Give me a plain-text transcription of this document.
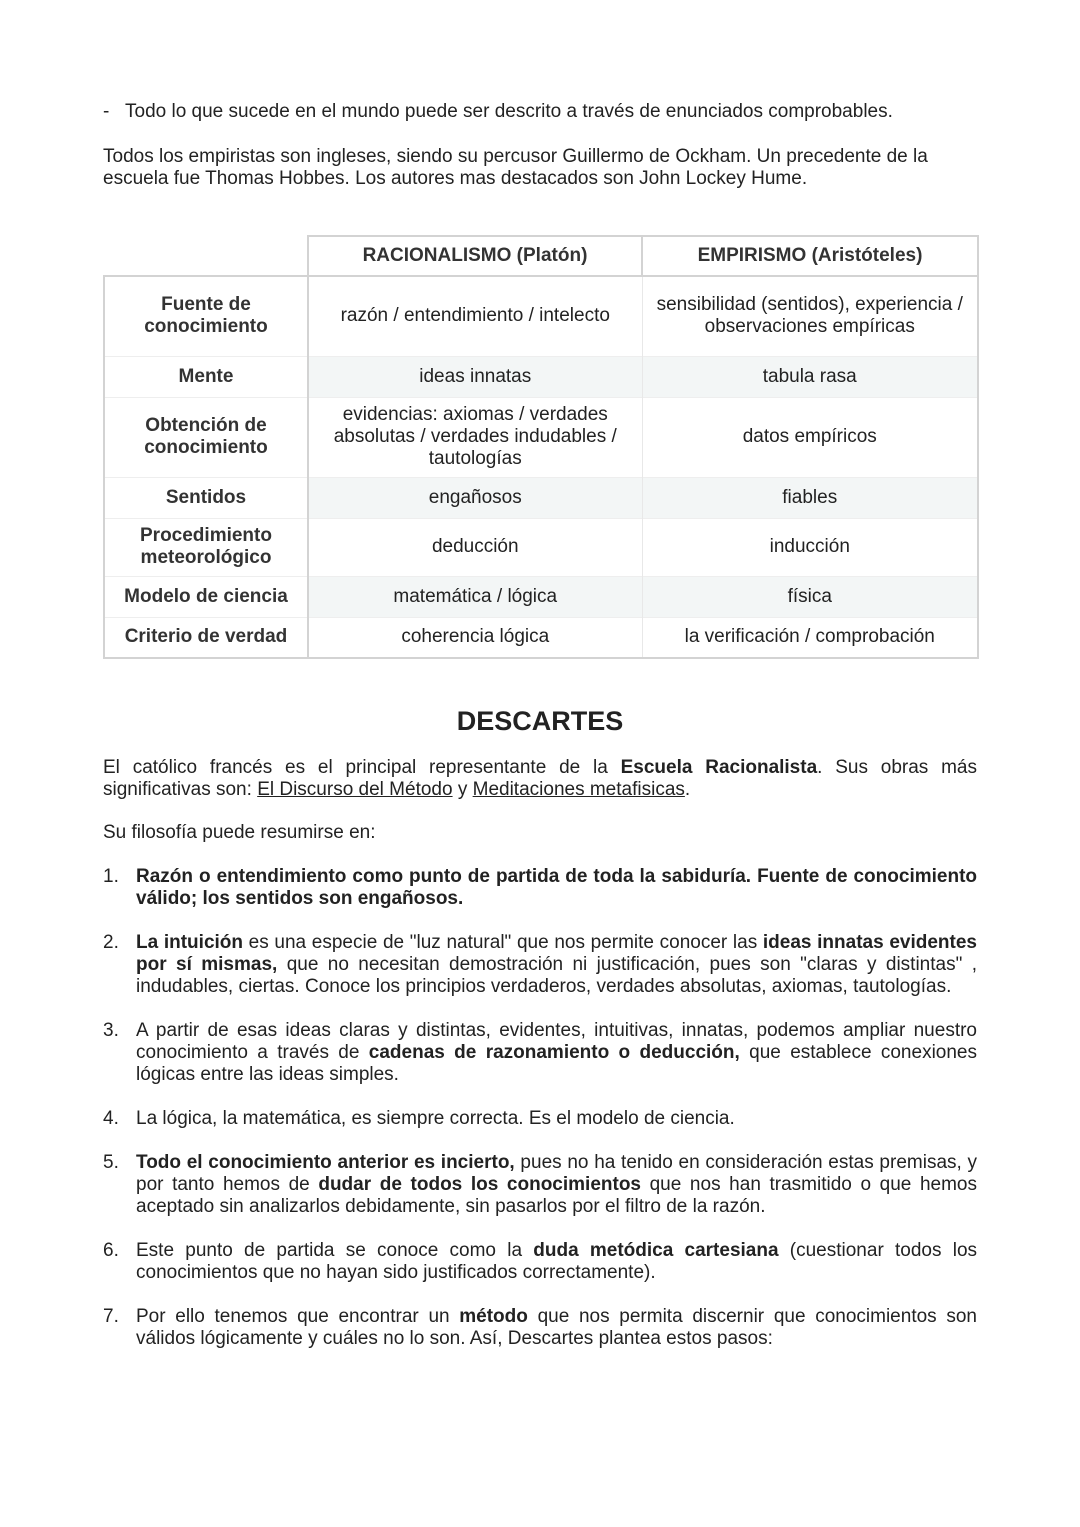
- Todo lo que sucede en el mundo puede ser descrito a través de enunciados comprobables.

Todos los empiristas son ingleses, siendo su percusor Guillermo de Ockham. Un precedente de la escuela fue Thomas Hobbes. Los autores mas destacados son John Lockey Hume.

	RACIONALISMO (Platón)	EMPIRISMO (Aristóteles)
Fuente de conocimiento	razón / entendimiento / intelecto	sensibilidad (sentidos), experiencia / observaciones empíricas
Mente	ideas innatas	tabula rasa
Obtención de conocimiento	evidencias: axiomas / verdades absolutas / verdades indudables / tautologías	datos empíricos
Sentidos	engañosos	fiables
Procedimiento meteorológico	deducción	inducción
Modelo de ciencia	matemática / lógica	física
Criterio de verdad	coherencia lógica	la verificación / comprobación
DESCARTES

El católico francés es el principal representante de la Escuela Racionalista. Sus obras más significativas son: El Discurso del Método y Meditaciones metafisicas.

Su filosofía puede resumirse en:

1. Razón o entendimiento como punto de partida de toda la sabiduría. Fuente de conocimiento válido; los sentidos son engañosos.
2. La intuición es una especie de "luz natural" que nos permite conocer las ideas innatas evidentes por sí mismas, que no necesitan demostración ni justificación, pues son "claras y distintas" , indudables, ciertas. Conoce los principios verdaderos, verdades absolutas, axiomas, tautologías.
3. A partir de esas ideas claras y distintas, evidentes, intuitivas, innatas, podemos ampliar nuestro conocimiento a través de cadenas de razonamiento o deducción, que establece conexiones lógicas entre las ideas simples.
4. La lógica, la matemática, es siempre correcta. Es el modelo de ciencia.
5. Todo el conocimiento anterior es incierto, pues no ha tenido en consideración estas premisas, y por tanto hemos de dudar de todos los conocimientos que nos han trasmitido o que hemos aceptado sin analizarlos debidamente, sin pasarlos por el filtro de la razón.
6. Este punto de partida se conoce como la duda metódica cartesiana (cuestionar todos los conocimientos que no hayan sido justificados correctamente).
7. Por ello tenemos que encontrar un método que nos permita discernir que conocimientos son válidos lógicamente y cuáles no lo son. Así, Descartes plantea estos pasos:
